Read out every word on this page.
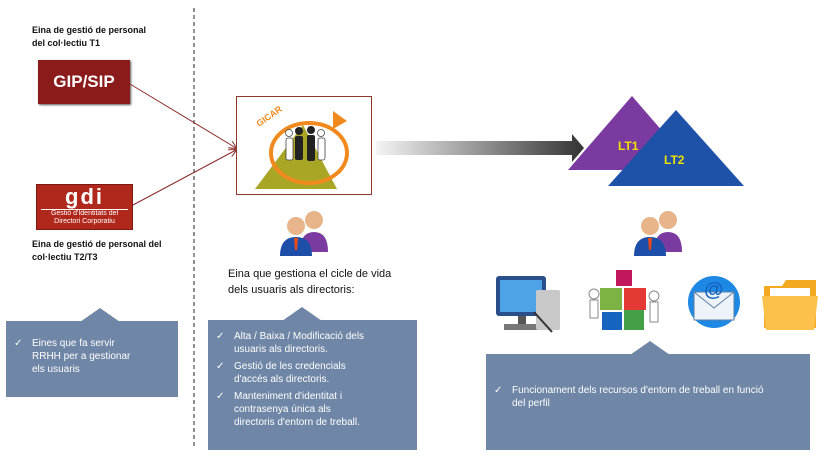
Eina de gestió de personal
del col·lectiu T1
GIP/SIP
gdi
Gestió d'Identitats del
Directori Corporatiu
Eina de gestió de personal del
col·lectiu T2/T3
✓ Eines que fa servir
RRHH per a gestionar
els usuaris
GICAR
Eina que gestiona el cicle de vida
dels usuaris als directoris:
✓ Alta / Baixa / Modificació dels
usuaris als directoris.
✓ Gestió de les credencials
d'accés als directoris.
✓ Manteniment d'identitat i
contrasenya única als
directoris d'entorn de treball.
LT1
LT2
@
✓ Funcionament dels recursos d'entorn de treball en funció
del perfil
